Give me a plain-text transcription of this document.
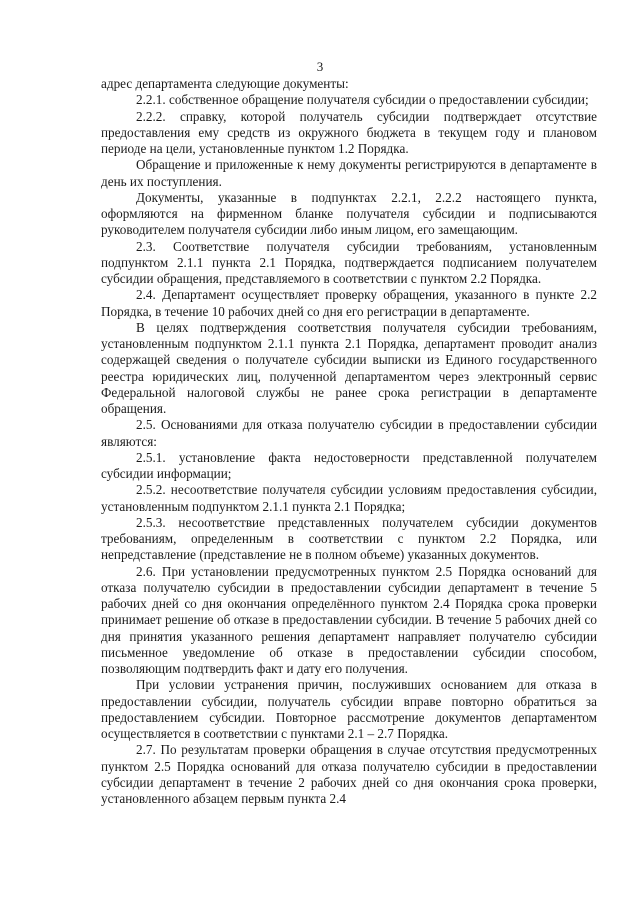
3

адрес департамента следующие документы:

2.2.1. собственное обращение получателя субсидии о предоставлении субсидии;

2.2.2. справку, которой получатель субсидии подтверждает отсутствие предоставления ему средств из окружного бюджета в текущем году и плановом периоде на цели, установленные пунктом 1.2 Порядка.

Обращение и приложенные к нему документы регистрируются в департаменте в день их поступления.

Документы, указанные в подпунктах 2.2.1, 2.2.2 настоящего пункта, оформляются на фирменном бланке получателя субсидии и подписываются руководителем получателя субсидии либо иным лицом, его замещающим.

2.3. Соответствие получателя субсидии требованиям, установленным подпунктом 2.1.1 пункта 2.1 Порядка, подтверждается подписанием получателем субсидии обращения, представляемого в соответствии с пунктом 2.2 Порядка.

2.4. Департамент осуществляет проверку обращения, указанного в пункте 2.2 Порядка, в течение 10 рабочих дней со дня его регистрации в департаменте.

В целях подтверждения соответствия получателя субсидии требованиям, установленным подпунктом 2.1.1 пункта 2.1 Порядка, департамент проводит анализ содержащей сведения о получателе субсидии выписки из Единого государственного реестра юридических лиц, полученной департаментом через электронный сервис Федеральной налоговой службы не ранее срока регистрации в департаменте обращения.

2.5. Основаниями для отказа получателю субсидии в предоставлении субсидии являются:

2.5.1. установление факта недостоверности представленной получателем субсидии информации;

2.5.2. несоответствие получателя субсидии условиям предоставления субсидии, установленным подпунктом 2.1.1 пункта 2.1 Порядка;

2.5.3. несоответствие представленных получателем субсидии документов требованиям, определенным в соответствии с пунктом 2.2 Порядка, или непредставление (представление не в полном объеме) указанных документов.

2.6. При установлении предусмотренных пунктом 2.5 Порядка оснований для отказа получателю субсидии в предоставлении субсидии департамент в течение 5 рабочих дней со дня окончания определённого пунктом 2.4 Порядка срока проверки принимает решение об отказе в предоставлении субсидии. В течение 5 рабочих дней со дня принятия указанного решения департамент направляет получателю субсидии письменное уведомление об отказе в предоставлении субсидии способом, позволяющим подтвердить факт и дату его получения.

При условии устранения причин, послуживших основанием для отказа в предоставлении субсидии, получатель субсидии вправе повторно обратиться за предоставлением субсидии. Повторное рассмотрение документов департаментом осуществляется в соответствии с пунктами 2.1 – 2.7 Порядка.

2.7. По результатам проверки обращения в случае отсутствия предусмотренных пунктом 2.5 Порядка оснований для отказа получателю субсидии в предоставлении субсидии департамент в течение 2 рабочих дней со дня окончания срока проверки, установленного абзацем первым пункта 2.4
